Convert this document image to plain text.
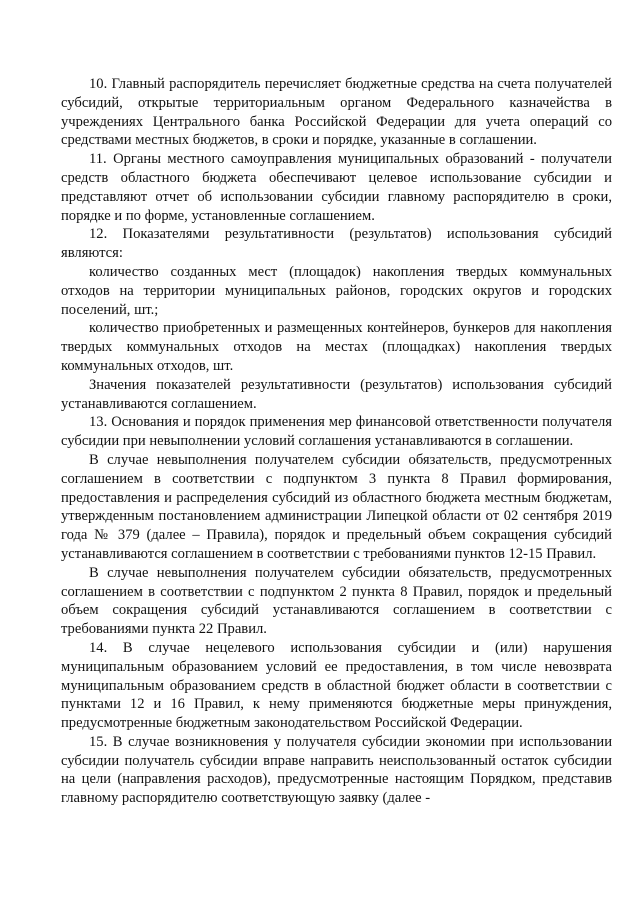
10. Главный распорядитель перечисляет бюджетные средства на счета получателей субсидий, открытые территориальным органом Федерального казначейства в учреждениях Центрального банка Российской Федерации для учета операций со средствами местных бюджетов, в сроки и порядке, указанные в соглашении.

11. Органы местного самоуправления муниципальных образований - получатели средств областного бюджета обеспечивают целевое использование субсидии и представляют отчет об использовании субсидии главному распорядителю в сроки, порядке и по форме, установленные соглашением.

12. Показателями результативности (результатов) использования субсидий являются:

количество созданных мест (площадок) накопления твердых коммунальных отходов на территории муниципальных районов, городских округов и городских поселений, шт.;

количество приобретенных и размещенных контейнеров, бункеров для накопления твердых коммунальных отходов на местах (площадках) накопления твердых коммунальных отходов, шт.

Значения показателей результативности (результатов) использования субсидий устанавливаются соглашением.

13. Основания и порядок применения мер финансовой ответственности получателя субсидии при невыполнении условий соглашения устанавливаются в соглашении.

В случае невыполнения получателем субсидии обязательств, предусмотренных соглашением в соответствии с подпунктом 3 пункта 8 Правил формирования, предоставления и распределения субсидий из областного бюджета местным бюджетам, утвержденным постановлением администрации Липецкой области от 02 сентября 2019 года № 379 (далее – Правила), порядок и предельный объем сокращения субсидий устанавливаются соглашением в соответствии с требованиями пунктов 12-15 Правил.

В случае невыполнения получателем субсидии обязательств, предусмотренных соглашением в соответствии с подпунктом 2 пункта 8 Правил, порядок и предельный объем сокращения субсидий устанавливаются соглашением в соответствии с требованиями пункта 22 Правил.

14. В случае нецелевого использования субсидии и (или) нарушения муниципальным образованием условий ее предоставления, в том числе невозврата муниципальным образованием средств в областной бюджет области в соответствии с пунктами 12 и 16 Правил, к нему применяются бюджетные меры принуждения, предусмотренные бюджетным законодательством Российской Федерации.

15. В случае возникновения у получателя субсидии экономии при использовании субсидии получатель субсидии вправе направить неиспользованный остаток субсидии на цели (направления расходов), предусмотренные настоящим Порядком, представив главному распорядителю соответствующую заявку (далее -
